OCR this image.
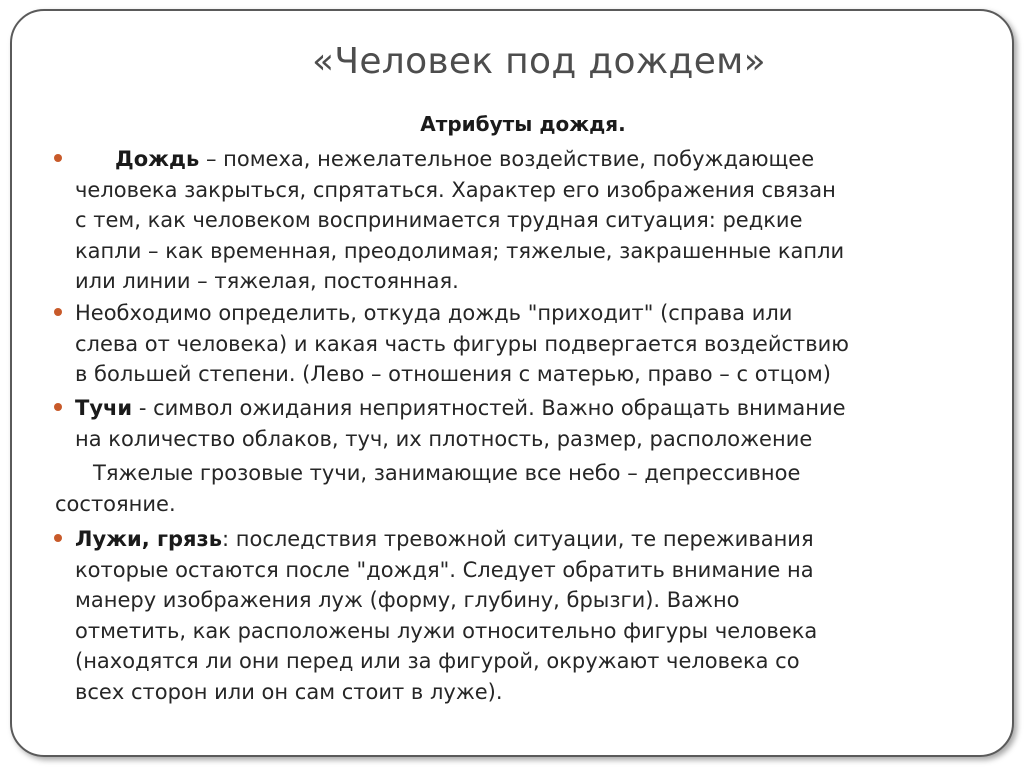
«Человек под дождем»
Атрибуты дождя.
Дождь – помеха, нежелательное воздействие, побуждающее
человека закрыться, спрятаться. Характер его изображения связан
с тем, как человеком воспринимается трудная ситуация: редкие
капли – как временная, преодолимая; тяжелые, закрашенные капли
или линии – тяжелая, постоянная.
Необходимо определить, откуда дождь "приходит" (справа или
слева от человека) и какая часть фигуры подвергается воздействию
в большей степени. (Лево – отношения с матерью, право – с отцом)
Тучи - символ ожидания неприятностей. Важно обращать внимание
на количество облаков, туч, их плотность, размер, расположение
Тяжелые грозовые тучи, занимающие все небо – депрессивное
состояние.
Лужи, грязь: последствия тревожной ситуации, те переживания
которые остаются после "дождя". Следует обратить внимание на
манеру изображения луж (форму, глубину, брызги). Важно
отметить, как расположены лужи относительно фигуры человека
(находятся ли они перед или за фигурой, окружают человека со
всех сторон или он сам стоит в луже).
